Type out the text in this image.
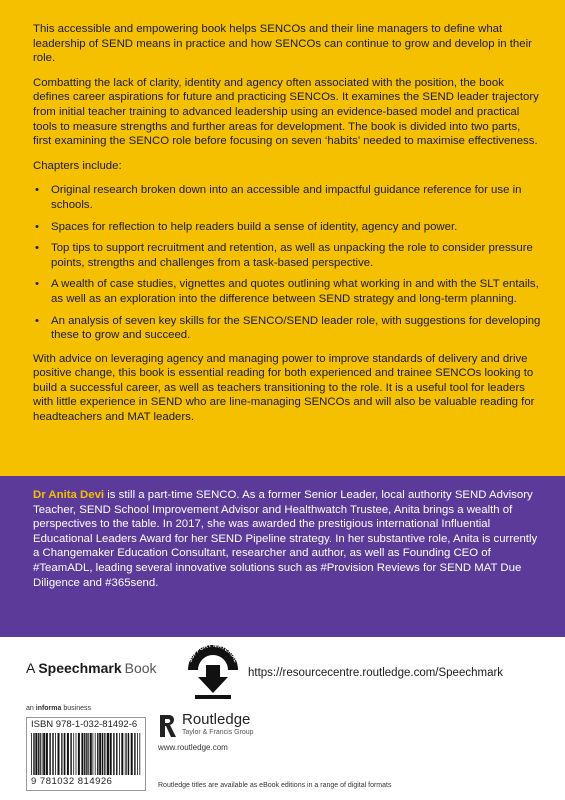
This accessible and empowering book helps SENCOs and their line managers to define what leadership of SEND means in practice and how SENCOs can continue to grow and develop in their role.

Combatting the lack of clarity, identity and agency often associated with the position, the book defines career aspirations for future and practicing SENCOs. It examines the SEND leader trajectory from initial teacher training to advanced leadership using an evidence-based model and practical tools to measure strengths and further areas for development. The book is divided into two parts, first examining the SENCO role before focusing on seven ‘habits’ needed to maximise effectiveness.

Chapters include:

• Original research broken down into an accessible and impactful guidance reference for use in schools.
• Spaces for reflection to help readers build a sense of identity, agency and power.
• Top tips to support recruitment and retention, as well as unpacking the role to consider pressure points, strengths and challenges from a task-based perspective.
• A wealth of case studies, vignettes and quotes outlining what working in and with the SLT entails, as well as an exploration into the difference between SEND strategy and long-term planning.
• An analysis of seven key skills for the SENCO/SEND leader role, with suggestions for developing these to grow and succeed.

With advice on leveraging agency and managing power to improve standards of delivery and drive positive change, this book is essential reading for both experienced and trainee SENCOs looking to build a successful career, as well as teachers transitioning to the role. It is a useful tool for leaders with little experience in SEND who are line-managing SENCOs and will also be valuable reading for headteachers and MAT leaders.

Dr Anita Devi is still a part-time SENCO. As a former Senior Leader, local authority SEND Advisory Teacher, SEND School Improvement Advisor and Healthwatch Trustee, Anita brings a wealth of perspectives to the table. In 2017, she was awarded the prestigious international Influential Educational Leaders Award for her SEND Pipeline strategy. In her substantive role, Anita is currently a Changemaker Education Consultant, researcher and author, as well as Founding CEO of #TeamADL, leading several innovative solutions such as #Provision Reviews for SEND MAT Due Diligence and #365send.
A Speechmark Book	SUPPORT MATERIAL
https://resourcecentre.routledge.com/Speechmark
an informa business
ISBN 978-1-032-81492-6
9 781032 814926
Routledge
Taylor & Francis Group
www.routledge.com
Routledge titles are available as eBook editions in a range of digital formats
